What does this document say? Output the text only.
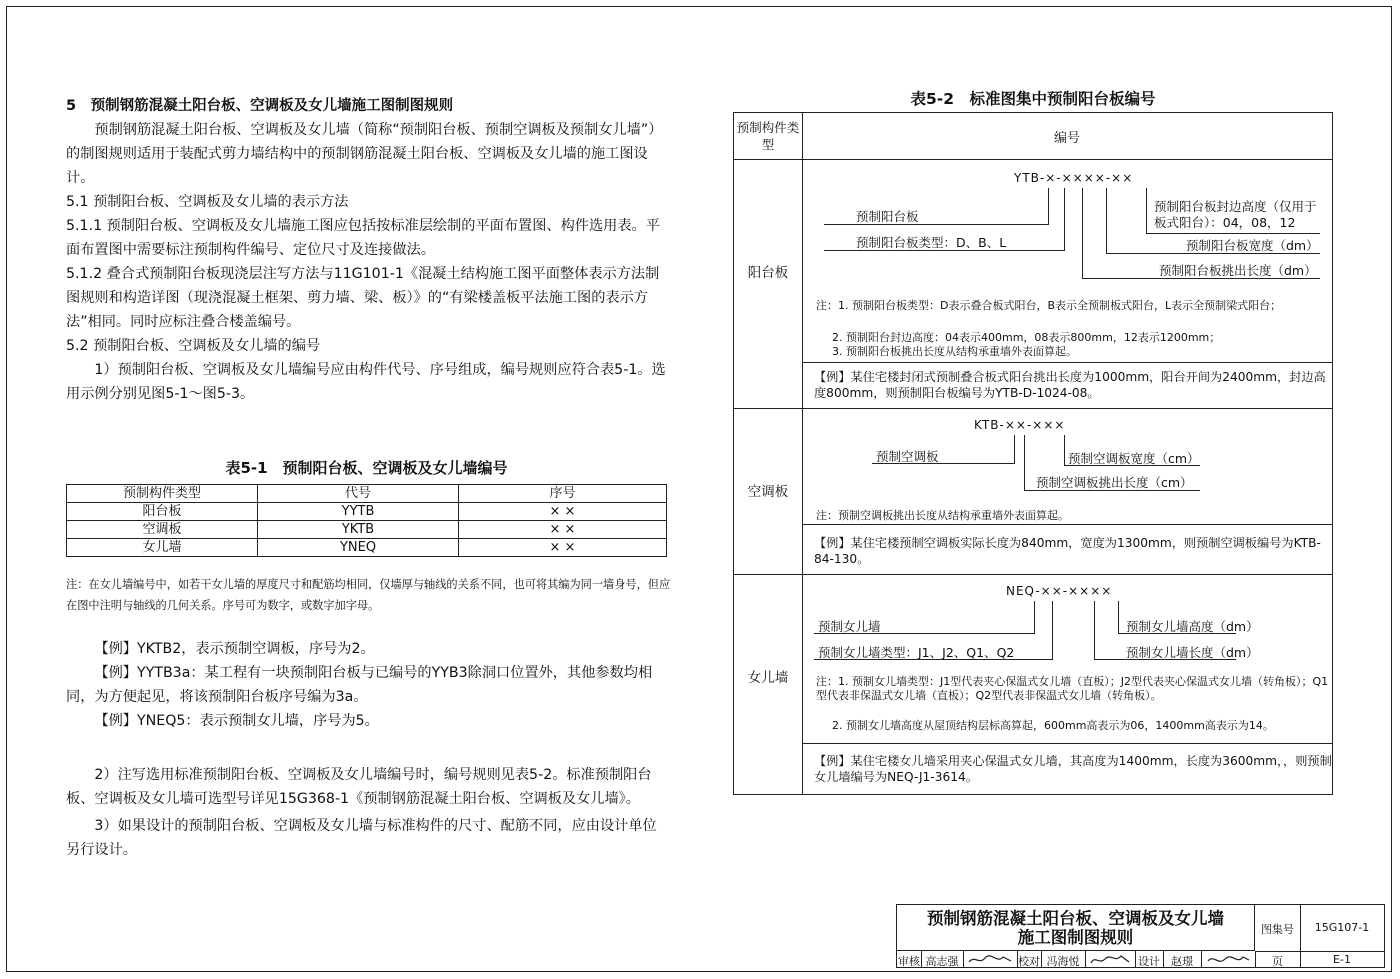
5　预制钢筋混凝土阳台板、空调板及女儿墙施工图制图规则

预制钢筋混凝土阳台板、空调板及女儿墙（简称“预制阳台板、预制空调板及预制女儿墙”）的制图规则适用于装配式剪力墙结构中的预制钢筋混凝土阳台板、空调板及女儿墙的施工图设计。

5.1 预制阳台板、空调板及女儿墙的表示方法

5.1.1 预制阳台板、空调板及女儿墙施工图应包括按标准层绘制的平面布置图、构件选用表。平面布置图中需要标注预制构件编号、定位尺寸及连接做法。

5.1.2 叠合式预制阳台板现浇层注写方法与11G101-1《混凝土结构施工图平面整体表示方法制图规则和构造详图（现浇混凝土框架、剪力墙、梁、板）》的“有梁楼盖板平法施工图的表示方法”相同。同时应标注叠合楼盖编号。

5.2 预制阳台板、空调板及女儿墙的编号

1）预制阳台板、空调板及女儿墙编号应由构件代号、序号组成，编号规则应符合表5-1。选用示例分别见图5-1～图5-3。

表5-1　预制阳台板、空调板及女儿墙编号
预制构件类型	代号	序号
阳台板	YYTB	× ×
空调板	YKTB	× ×
女儿墙	YNEQ	× ×
注：在女儿墙编号中，如若干女儿墙的厚度尺寸和配筋均相同，仅墙厚与轴线的关系不同，也可将其编为同一墙身号，但应在图中注明与轴线的几何关系。序号可为数字，或数字加字母。

【例】YKTB2，表示预制空调板，序号为2。

【例】YYTB3a：某工程有一块预制阳台板与已编号的YYB3除洞口位置外，其他参数均相同，为方便起见，将该预制阳台板序号编为3a。

【例】YNEQ5：表示预制女儿墙，序号为5。

2）注写选用标准预制阳台板、空调板及女儿墙编号时，编号规则见表5-2。标准预制阳台板、空调板及女儿墙可选型号详见15G368-1《预制钢筋混凝土阳台板、空调板及女儿墙》。

3）如果设计的预制阳台板、空调板及女儿墙与标准构件的尺寸、配筋不同，应由设计单位另行设计。

表5-2　标准图集中预制阳台板编号
预制构件类型	编号
阳台板
YTB-×-××××-××
预制阳台板
预制阳台板类型：D、B、L
预制阳台板挑出长度（dm）
预制阳台板宽度（dm）
预制阳台板封边高度（仅用于板式阳台）：04，08，12
注：1. 预制阳台板类型：D表示叠合板式阳台，B表示全预制板式阳台，L表示全预制梁式阳台；
2. 预制阳台封边高度：04表示400mm，08表示800mm，12表示1200mm；
3. 预制阳台板挑出长度从结构承重墙外表面算起。
【例】某住宅楼封闭式预制叠合板式阳台挑出长度为1000mm，阳台开间为2400mm，封边高度800mm，则预制阳台板编号为YTB-D-1024-08。
空调板
KTB-××-×××
预制空调板
预制空调板挑出长度（cm）
预制空调板宽度（cm）
注：预制空调板挑出长度从结构承重墙外表面算起。
【例】某住宅楼预制空调板实际长度为840mm，宽度为1300mm，则预制空调板编号为KTB-84-130。
女儿墙
NEQ-××-××××
预制女儿墙
预制女儿墙类型：J1、J2、Q1、Q2	预制女儿墙长度（dm）
预制女儿墙高度（dm）
注：1. 预制女儿墙类型：J1型代表夹心保温式女儿墙（直板）；J2型代表夹心保温式女儿墙（转角板）；Q1型代表非保温式女儿墙（直板）；Q2型代表非保温式女儿墙（转角板）。
2. 预制女儿墙高度从屋顶结构层标高算起，600mm高表示为06，1400mm高表示为14。
【例】某住宅楼女儿墙采用夹心保温式女儿墙，其高度为1400mm，长度为3600mm，，则预制女儿墙编号为NEQ-J1-3614。
预制钢筋混凝土阳台板、空调板及女儿墙
施工图制图规则	图集号	15G107-1
审核 高志强	校对 冯海悦	设计	赵璟	页	E-1
